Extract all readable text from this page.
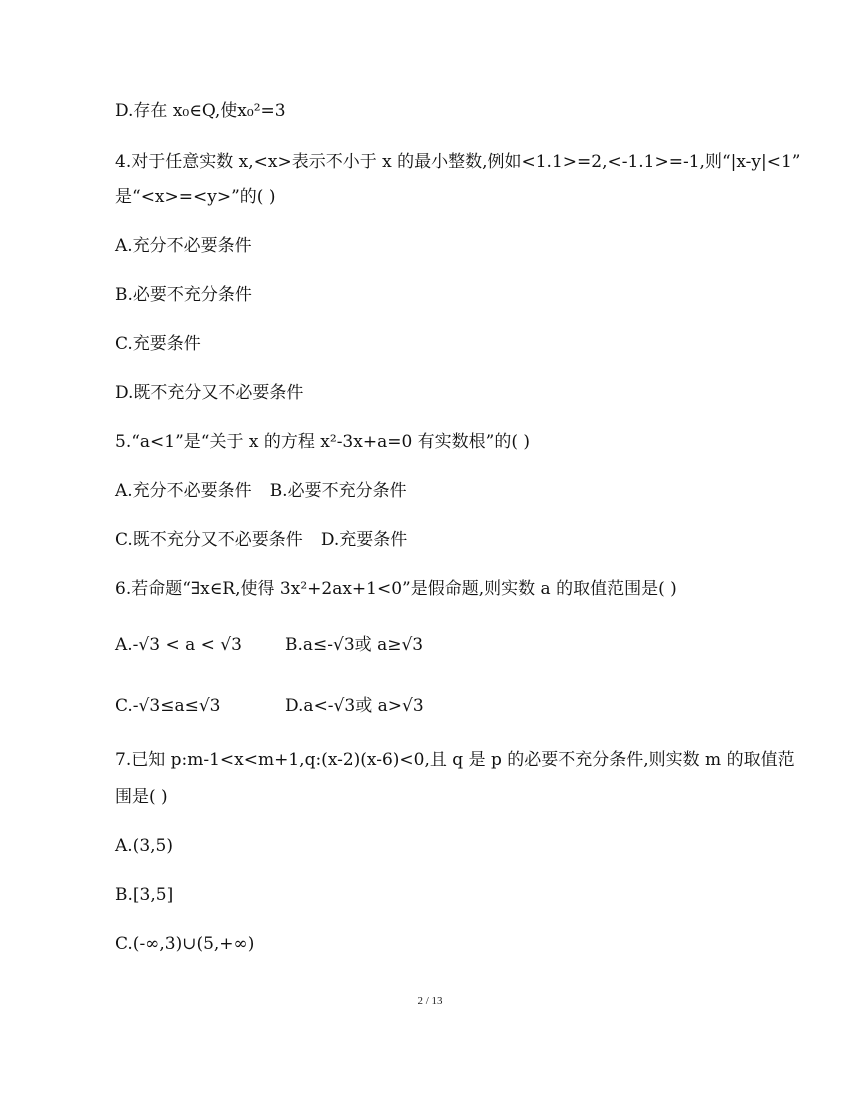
D.存在 x₀∈Q,使x₀²=3
4.对于任意实数 x,<x>表示不小于 x 的最小整数,例如<1.1>=2,<-1.1>=-1,则“|x-y|<1”
是“<x>=<y>”的( )
A.充分不必要条件
B.必要不充分条件
C.充要条件
D.既不充分又不必要条件
5.“a<1”是“关于 x 的方程 x²-3x+a=0 有实数根”的( )
A.充分不必要条件 B.必要不充分条件
C.既不充分又不必要条件 D.充要条件
6.若命题“∃x∈R,使得 3x²+2ax+1<0”是假命题,则实数 a 的取值范围是( )
A.-√3 < a < √3	B.a≤-√3或 a≥√3
C.-√3≤a≤√3	D.a<-√3或 a>√3
7.已知 p:m-1<x<m+1,q:(x-2)(x-6)<0,且 q 是 p 的必要不充分条件,则实数 m 的取值范
围是( )
A.(3,5)
B.[3,5]
C.(-∞,3)∪(5,+∞)
2 / 13
